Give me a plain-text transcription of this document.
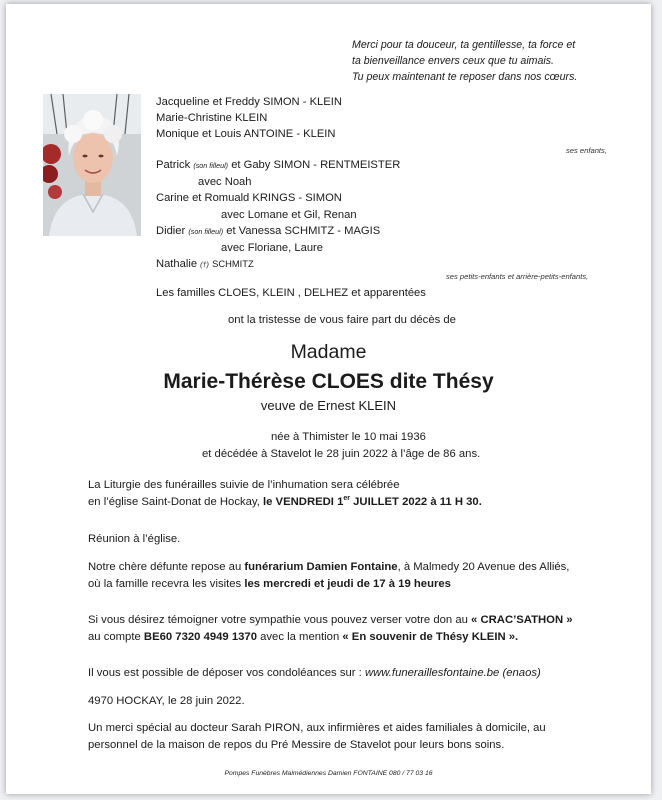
Merci pour ta douceur, ta gentillesse, ta force et
ta bienveillance envers ceux que tu aimais.
Tu peux maintenant te reposer dans nos cœurs.
Jacqueline et Freddy SIMON - KLEIN
Marie-Christine KLEIN
Monique et Louis ANTOINE - KLEIN
ses enfants,
Patrick (son filleul) et Gaby SIMON - RENTMEISTER
avec Noah
Carine et Romuald KRINGS - SIMON
avec Lomane et Gil, Renan
Didier (son filleul) et Vanessa SCHMITZ - MAGIS
avec Floriane, Laure
Nathalie (†) SCHMITZ
ses petits-enfants et arrière-petits-enfants,
Les familles CLOES, KLEIN , DELHEZ et apparentées
ont la tristesse de vous faire part du décès de
Madame
Marie-Thérèse CLOES dite Thésy
veuve de Ernest KLEIN
née à Thimister le 10 mai 1936
et décédée à Stavelot le 28 juin 2022 à l’âge de 86 ans.
La Liturgie des funérailles suivie de l’inhumation sera célébrée
en l’église Saint-Donat de Hockay, le VENDREDI 1er JUILLET 2022 à 11 H 30.
Réunion à l’église.
Notre chère défunte repose au funérarium Damien Fontaine, à Malmedy 20 Avenue des Alliés,
où la famille recevra les visites les mercredi et jeudi de 17 à 19 heures
Si vous désirez témoigner votre sympathie vous pouvez verser votre don au « CRAC’SATHON »
au compte BE60 7320 4949 1370 avec la mention « En souvenir de Thésy KLEIN ».
Il vous est possible de déposer vos condoléances sur : www.funeraillesfontaine.be (enaos)
4970 HOCKAY, le 28 juin 2022.
Un merci spécial au docteur Sarah PIRON, aux infirmières et aides familiales à domicile, au
personnel de la maison de repos du Pré Messire de Stavelot pour leurs bons soins.
Pompes Funèbres Malmédiennes Damien FONTAINE 080 / 77 03 16
